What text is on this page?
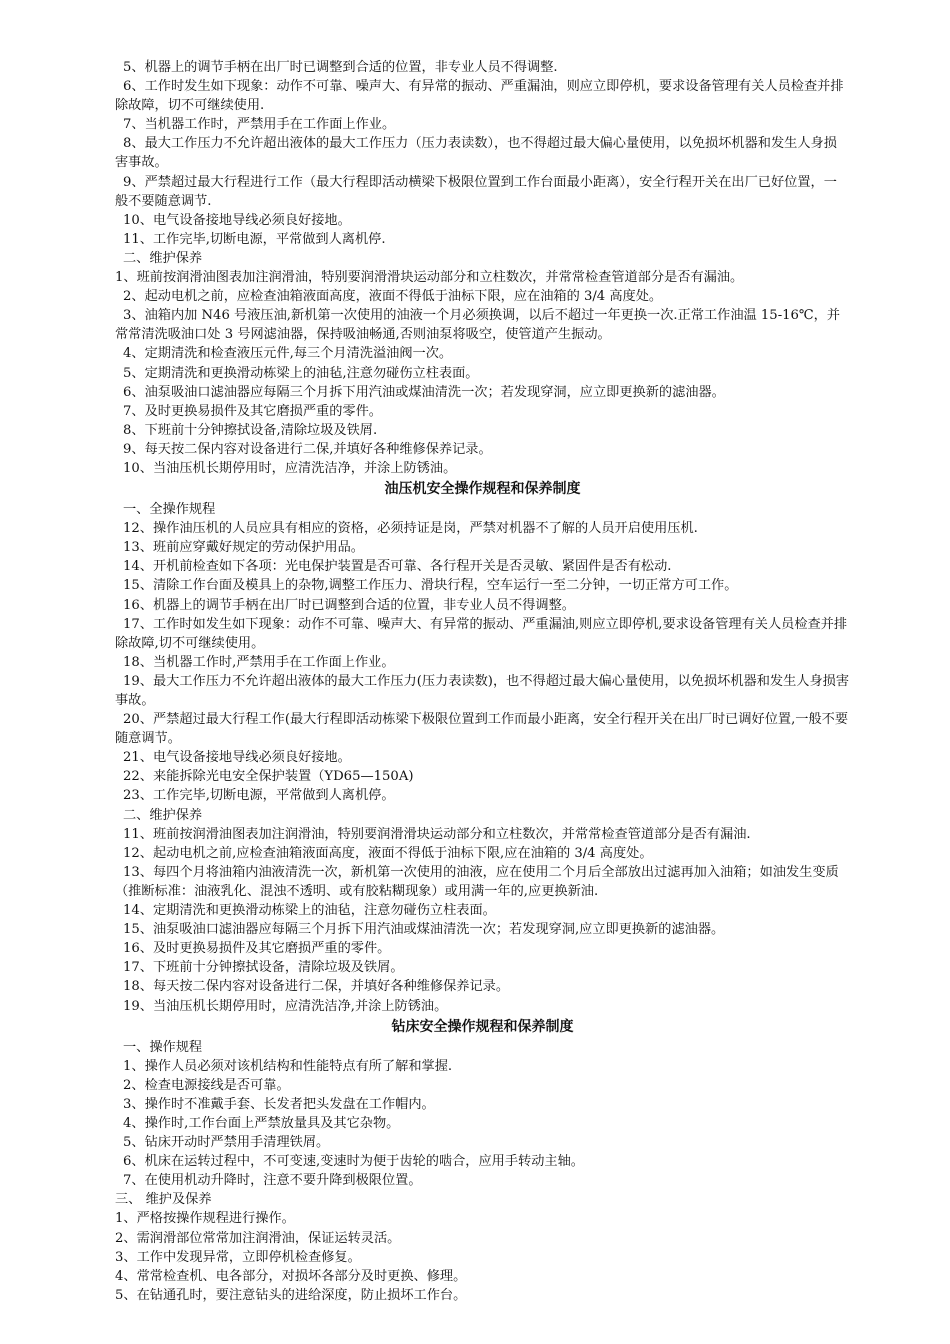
5、机器上的调节手柄在出厂时已调整到合适的位置，非专业人员不得调整.
6、工作时发生如下现象：动作不可靠、噪声大、有异常的振动、严重漏油，则应立即停机，要求设备管理有关人员检查并排除故障，切不可继续使用.
7、当机器工作时，严禁用手在工作面上作业。
8、最大工作压力不允许超出液体的最大工作压力（压力表读数），也不得超过最大偏心量使用，以免损坏机器和发生人身损害事故。
9、严禁超过最大行程进行工作（最大行程即活动横梁下极限位置到工作台面最小距离），安全行程开关在出厂已好位置，一般不要随意调节.
10、电气设备接地导线必须良好接地。
11、工作完毕,切断电源，平常做到人离机停.
二、维护保养
1、班前按润滑油图表加注润滑油，特别要润滑滑块运动部分和立柱数次，并常常检查管道部分是否有漏油。
2、起动电机之前，应检查油箱液面高度，液面不得低于油标下限，应在油箱的 3/4 高度处。
3、油箱内加 N46 号液压油,新机第一次使用的油液一个月必须换调，以后不超过一年更换一次.正常工作油温 15-16℃，并常常清洗吸油口处 3 号网滤油器，保持吸油畅通,否则油泵将吸空，使管道产生振动。
4、定期清洗和检查液压元件,每三个月清洗溢油阀一次。
5、定期清洗和更换滑动栋梁上的油毡,注意勿碰伤立柱表面。
6、油泵吸油口滤油器应每隔三个月拆下用汽油或煤油清洗一次；若发现穿洞，应立即更换新的滤油器。
7、及时更换易损件及其它磨损严重的零件。
8、下班前十分钟擦拭设备,清除垃圾及铁屑.
9、每天按二保内容对设备进行二保,并填好各种维修保养记录。
10、当油压机长期停用时，应清洗洁净，并涂上防锈油。
油压机安全操作规程和保养制度
一、全操作规程
12、操作油压机的人员应具有相应的资格，必须持证是岗，严禁对机器不了解的人员开启使用压机.
13、班前应穿戴好规定的劳动保护用品。
14、开机前检查如下各项：光电保护装置是否可靠、各行程开关是否灵敏、紧固件是否有松动.
15、清除工作台面及模具上的杂物,调整工作压力、滑块行程，空车运行一至二分钟，一切正常方可工作。
16、机器上的调节手柄在出厂时已调整到合适的位置，非专业人员不得调整。
17、工作时如发生如下现象：动作不可靠、噪声大、有异常的振动、严重漏油,则应立即停机,要求设备管理有关人员检查并排除故障,切不可继续使用。
18、当机器工作时,严禁用手在工作面上作业。
19、最大工作压力不允许超出液体的最大工作压力(压力表读数)，也不得超过最大偏心量使用，以免损坏机器和发生人身损害事故。
20、严禁超过最大行程工作(最大行程即活动栋梁下极限位置到工作而最小距离，安全行程开关在出厂时已调好位置,一般不要随意调节。
21、电气设备接地导线必须良好接地。
22、来能拆除光电安全保护装置（YD65—150A)
23、工作完毕,切断电源，平常做到人离机停。
二、维护保养
11、班前按润滑油图表加注润滑油，特别要润滑滑块运动部分和立柱数次，并常常检查管道部分是否有漏油.
12、起动电机之前,应检查油箱液面高度，液面不得低于油标下限,应在油箱的 3/4 高度处。
13、每四个月将油箱内油液清洗一次，新机第一次使用的油液，应在使用二个月后全部放出过滤再加入油箱；如油发生变质（推断标准：油液乳化、混浊不透明、或有胶粘糊现象）或用满一年的,应更换新油.
14、定期清洗和更换滑动栋梁上的油毡，注意勿碰伤立柱表面。
15、油泵吸油口滤油器应每隔三个月拆下用汽油或煤油清洗一次；若发现穿洞,应立即更换新的滤油器。
16、及时更换易损件及其它磨损严重的零件。
17、下班前十分钟擦拭设备，清除垃圾及铁屑。
18、每天按二保内容对设备进行二保，并填好各种维修保养记录。
19、当油压机长期停用时，应清洗洁净,并涂上防锈油。
钻床安全操作规程和保养制度
一、操作规程
1、操作人员必须对该机结构和性能特点有所了解和掌握.
2、检查电源接线是否可靠。
3、操作时不准戴手套、长发者把头发盘在工作帽内。
4、操作时,工作台面上严禁放量具及其它杂物。
5、钻床开动时严禁用手清理铁屑。
6、机床在运转过程中，不可变速,变速时为便于齿轮的啮合，应用手转动主轴。
7、在使用机动升降时，注意不要升降到极限位置。
三、 维护及保养
1、严格按操作规程进行操作。
2、需润滑部位常常加注润滑油，保证运转灵活。
3、工作中发现异常，立即停机检查修复。
4、常常检查机、电各部分，对损坏各部分及时更换、修理。
5、在钻通孔时，要注意钻头的进给深度，防止损坏工作台。
